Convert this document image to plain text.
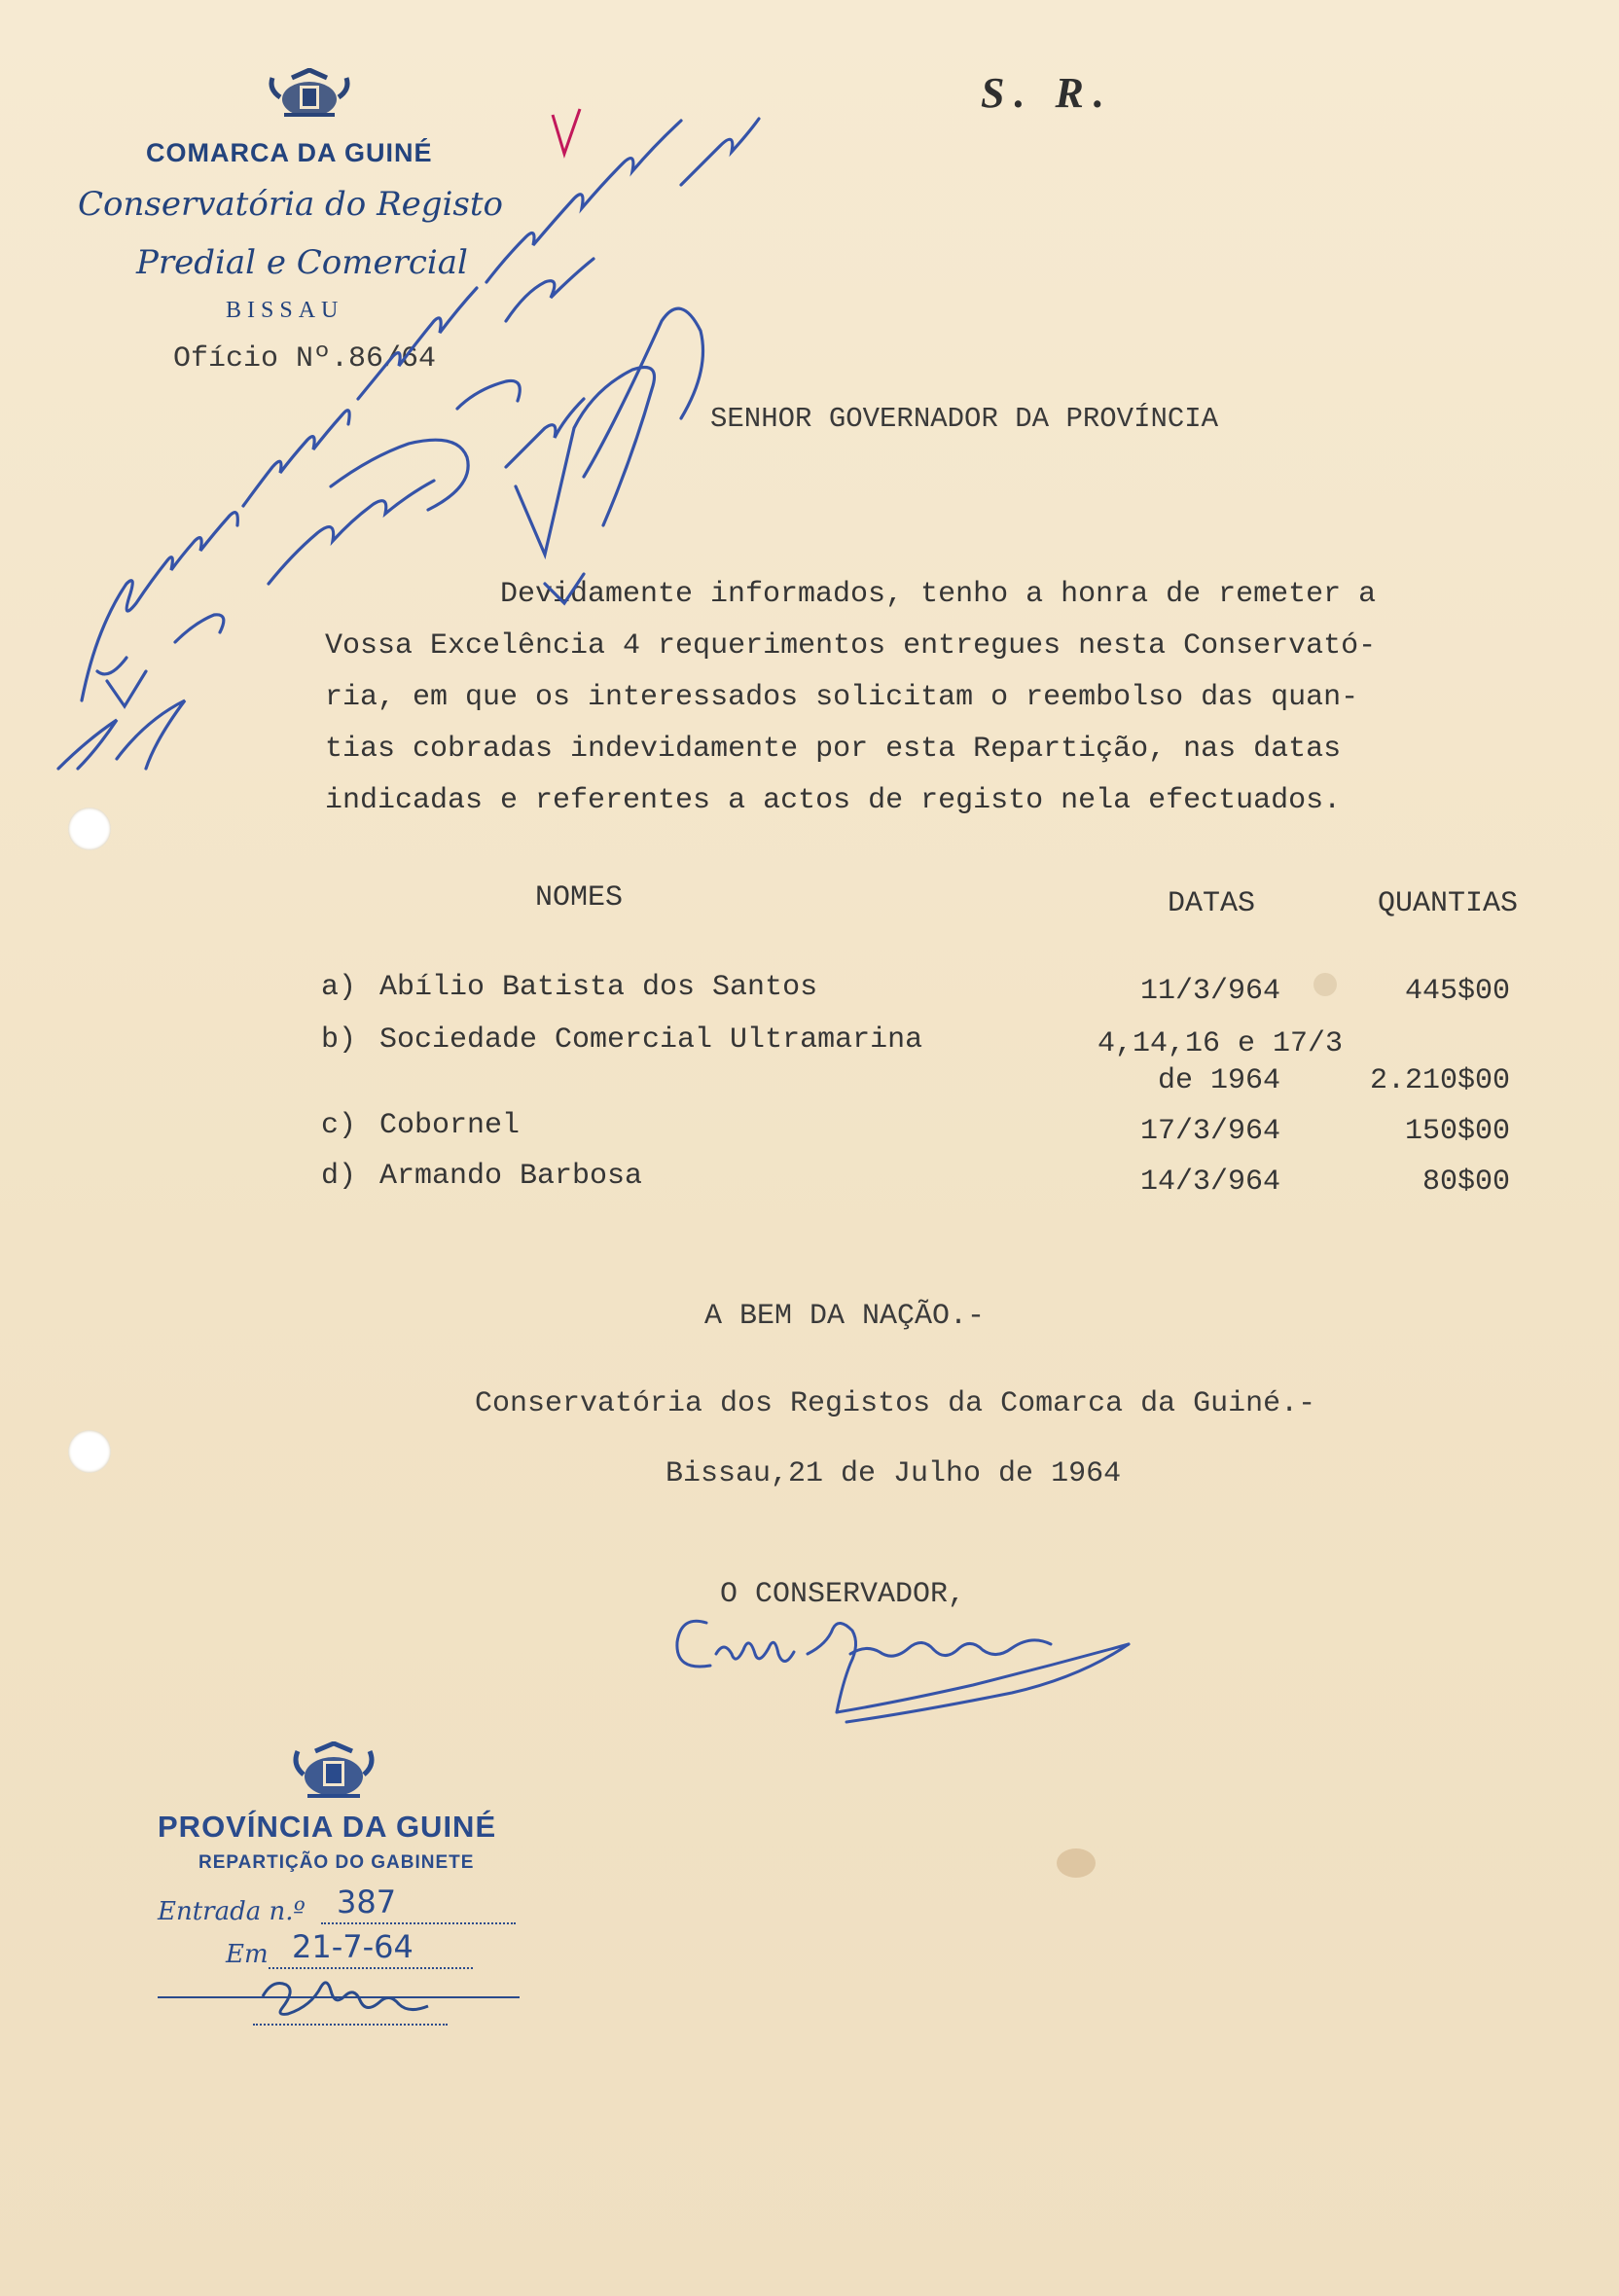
COMARCA DA GUINÉ
Conservatória do Registo
Predial e Comercial
BISSAU
Ofício Nº.86/64
S. R.
SENHOR GOVERNADOR DA PROVÍNCIA
Devidamente informados, tenho a honra de remeter a
Vossa Excelência 4 requerimentos entregues nesta Conservató-
ria, em que os interessados solicitam o reembolso das quan-
tias cobradas indevidamente por esta Repartição, nas datas
indicadas e referentes a actos de registo nela efectuados.
NOMES	DATAS	QUANTIAS
a) Abílio Batista dos Santos	11/3/964	445$00
b) Sociedade Comercial Ultramarina	4,14,16 e 17/3
de 1964	2.210$00
c) Cobornel	17/3/964	150$00
d) Armando Barbosa	14/3/964	80$00
A BEM DA NAÇÃO.-
Conservatória dos Registos da Comarca da Guiné.-
Bissau,21 de Julho de 1964
O CONSERVADOR,
PROVÍNCIA DA GUINÉ
REPARTIÇÃO DO GABINETE
Entrada n.º 387
Em 21-7-64
